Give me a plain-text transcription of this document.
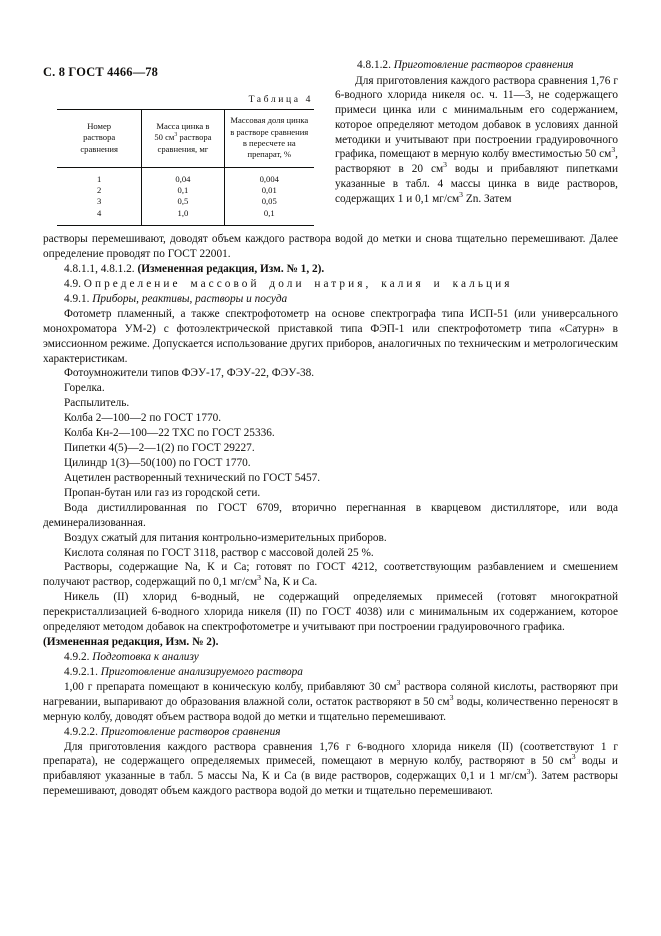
С. 8 ГОСТ 4466—78
Таблица 4
Номер
раствора
сравнения	Масса цинка в
50 $см^3$ раствора
сравнения, мг	Массовая доля цинка
в растворе сравнения
в пересчете на
препарат, %
1	0,04	0,004
2	0,1	0,01
3	0,5	0,05
4	1,0	0,1
4.8.1.2. Приготовление растворов сравнения

Для приготовления каждого раствора сравнения 1,76 г 6-водного хлорида никеля ос. ч. 11—3, не содержащего примеси цинка или с минимальным его содержанием, которое определяют методом добавок в условиях данной методики и учитывают при построении градуировочного графика, помещают в мерную колбу вместимостью 50 $см^3$, растворяют в 20 $см^3$ воды и прибавляют пипетками указанные в табл. 4 массы цинка в виде растворов, содержащих 1 и 0,1 $мг/см^3$ Zn. Затем

растворы перемешивают, доводят объем каждого раствора водой до метки и снова тщательно перемешивают. Далее определение проводят по ГОСТ 22001.

4.8.1.1, 4.8.1.2. (Измененная редакция, Изм. № 1, 2).

4.9. Определение массовой доли натрия, калия и кальция

4.9.1. Приборы, реактивы, растворы и посуда

Фотометр пламенный, а также спектрофотометр на основе спектрографа типа ИСП-51 (или универсального монохроматора УМ-2) с фотоэлектрической приставкой типа ФЭП-1 или спектрофотометр типа «Сатурн» в эмиссионном режиме. Допускается использование других приборов, аналогичных по техническим и метрологическим характеристикам.

Фотоумножители типов ФЭУ-17, ФЭУ-22, ФЭУ-38.

Горелка.

Распылитель.

Колба 2—100—2 по ГОСТ 1770.

Колба Кн-2—100—22 ТХС по ГОСТ 25336.

Пипетки 4(5)—2—1(2) по ГОСТ 29227.

Цилиндр 1(3)—50(100) по ГОСТ 1770.

Ацетилен растворенный технический по ГОСТ 5457.

Пропан-бутан или газ из городской сети.

Вода дистиллированная по ГОСТ 6709, вторично перегнанная в кварцевом дистилляторе, или вода деминерализованная.

Воздух сжатый для питания контрольно-измерительных приборов.

Кислота соляная по ГОСТ 3118, раствор с массовой долей 25 %.

Растворы, содержащие Na, К и Са; готовят по ГОСТ 4212, соответствующим разбавлением и смешением получают раствор, содержащий по 0,1 $мг/см^3$ Na, К и Са.

Никель (II) хлорид 6-водный, не содержащий определяемых примесей (готовят многократной перекристаллизацией 6-водного хлорида никеля (II) по ГОСТ 4038) или с минимальным их содержанием, которое определяют методом добавок на спектрофотометре и учитывают при построении градуировочного графика.

(Измененная редакция, Изм. № 2).

4.9.2. Подготовка к анализу

4.9.2.1. Приготовление анализируемого раствора

1,00 г препарата помещают в коническую колбу, прибавляют 30 $см^3$ раствора соляной кислоты, растворяют при нагревании, выпаривают до образования влажной соли, остаток растворяют в 50 $см^3$ воды, количественно переносят в мерную колбу, доводят объем раствора водой до метки и тщательно перемешивают.

4.9.2.2. Приготовление растворов сравнения

Для приготовления каждого раствора сравнения 1,76 г 6-водного хлорида никеля (II) (соответствуют 1 г препарата), не содержащего определяемых примесей, помещают в мерную колбу, растворяют в 50 $см^3$ воды и прибавляют указанные в табл. 5 массы Na, К и Са (в виде растворов, содержащих 0,1 и 1 $мг/см^3$). Затем растворы перемешивают, доводят объем каждого раствора водой до метки и тщательно перемешивают.
